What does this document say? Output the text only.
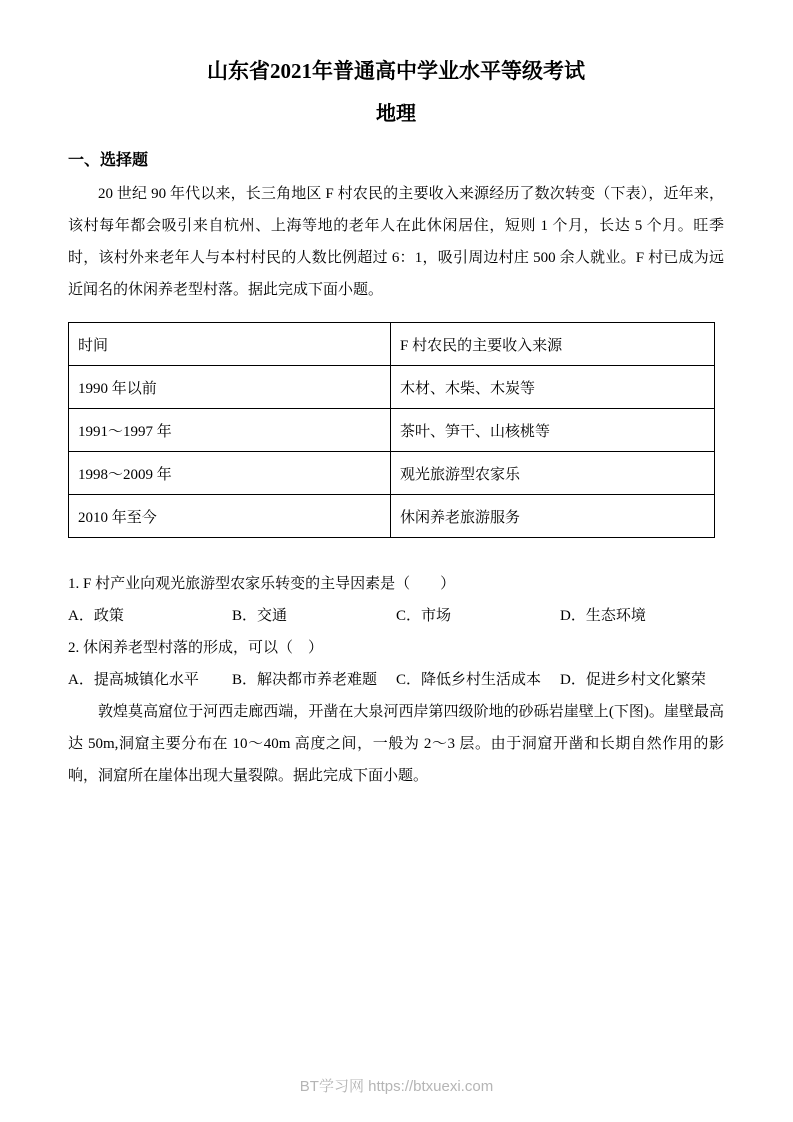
山东省2021年普通高中学业水平等级考试
地理
一、选择题

20 世纪 90 年代以来，长三角地区 F 村农民的主要收入来源经历了数次转变（下表），近年来，该村每年都会吸引来自杭州、上海等地的老年人在此休闲居住，短则 1 个月，长达 5 个月。旺季时，该村外来老年人与本村村民的人数比例超过 6：1，吸引周边村庄 500 余人就业。F 村已成为远近闻名的休闲养老型村落。据此完成下面小题。

时间	F 村农民的主要收入来源
1990 年以前	木材、木柴、木炭等
1991～1997 年	茶叶、笋干、山核桃等
1998～2009 年	观光旅游型农家乐
2010 年至今	休闲养老旅游服务

1. F 村产业向观光旅游型农家乐转变的主导因素是（　　）

A．政策	B．交通	C．市场	D．生态环境

2. 休闲养老型村落的形成，可以（　）

A．提高城镇化水平	B．解决都市养老难题	C．降低乡村生活成本	D．促进乡村文化繁荣

敦煌莫高窟位于河西走廊西端，开凿在大泉河西岸第四级阶地的砂砾岩崖壁上(下图)。崖壁最高达 50m,洞窟主要分布在 10～40m 高度之间，一般为 2～3 层。由于洞窟开凿和长期自然作用的影响，洞窟所在崖体出现大量裂隙。据此完成下面小题。

BT学习网 https://btxuexi.com
